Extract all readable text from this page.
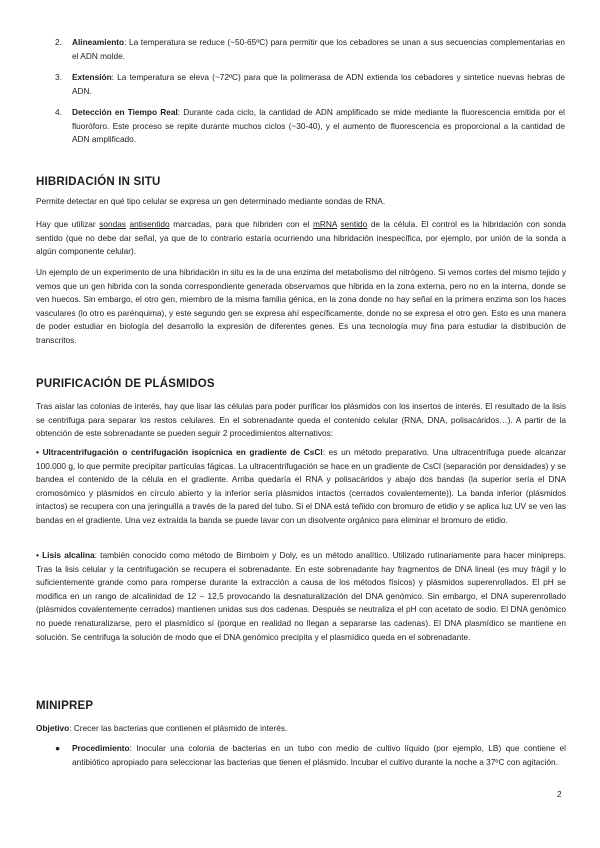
2.	Alineamiento: La temperatura se reduce (~50-65ºC) para permitir que los cebadores se unan a sus secuencias complementarias en el ADN molde.

3.	Extensión: La temperatura se eleva (~72ºC) para que la polimerasa de ADN extienda los cebadores y sintetice nuevas hebras de ADN.

4.	Detección en Tiempo Real: Durante cada ciclo, la cantidad de ADN amplificado se mide mediante la fluorescencia emitida por el fluoróforo. Este proceso se repite durante muchos ciclos (~30-40), y el aumento de fluorescencia es proporcional a la cantidad de ADN amplificado.

HIBRIDACIÓN IN SITU

Permite detectar en qué tipo celular se expresa un gen determinado mediante sondas de RNA.

Hay que utilizar sondas antisentido marcadas, para que hibriden con el mRNA sentido de la célula. El control es la hibridación con sonda sentido (que no debe dar señal, ya que de lo contrario estaría ocurriendo una hibridación inespecífica, por ejemplo, por unión de la sonda a algún componente celular).

Un ejemplo de un experimento de una hibridación in situ es la de una enzima del metabolismo del nitrógeno. Si vemos cortes del mismo tejido y vemos que un gen hibrida con la sonda correspondiente generada observamos que hibrida en la zona externa, pero no en la interna, donde se ven huecos. Sin embargo, el otro gen, miembro de la misma familia génica, en la zona donde no hay señal en la primera enzima son los haces vasculares (lo otro es parénquima), y este segundo gen se expresa ahí específicamente, donde no se expresa el otro gen. Esto es una manera de poder estudiar en biología del desarrollo la expresión de diferentes genes. Es una tecnología muy fina para estudiar la distribución de transcritos.

PURIFICACIÓN DE PLÁSMIDOS

Tras aislar las colonias de interés, hay que lisar las células para poder purificar los plásmidos con los insertos de interés. El resultado de la lisis se centrifuga para separar los restos celulares. En el sobrenadante queda el contenido celular (RNA, DNA, polisacáridos…). A partir de la obtención de este sobrenadante se pueden seguir 2 procedimientos alternativos:

• Ultracentrifugación o centrifugación isopícnica en gradiente de CsCl: es un método preparativo. Una ultracentrifuga puede alcanzar 100.000 g, lo que permite precipitar partículas fágicas. La ultracentrifugación se hace en un gradiente de CsCl (separación por densidades) y se bandea el contenido de la célula en el gradiente. Arriba quedaría el RNA y polisacáridos y abajo dos bandas (la superior sería el DNA cromosómico y plásmidos en círculo abierto y la inferior sería plásmidos intactos (cerrados covalentemente)). La banda inferior (plásmidos intactos) se recupera con una jeringuilla a través de la pared del tubo. Si el DNA está teñido con bromuro de etidio y se aplica luz UV se ven las bandas en el gradiente. Una vez extraída la banda se puede lavar con un disolvente orgánico para eliminar el bromuro de etidio.

• Lisis alcalina: también conocido como método de Birnboim y Doly, es un método analítico. Utilizado rutinariamente para hacer minipreps. Tras la lisis celular y la centrifugación se recupera el sobrenadante. En este sobrenadante hay fragmentos de DNA lineal (es muy frágil y lo suficientemente grande como para romperse durante la extracción a causa de los métodos físicos) y plásmidos superenrollados. El pH se modifica en un rango de alcalinidad de 12 – 12,5 provocando la desnaturalización del DNA genómico. Sin embargo, el DNA superenrollado (plásmidos covalentemente cerrados) mantienen unidas sus dos cadenas. Después se neutraliza el pH con acetato de sodio. El DNA genómico no puede renaturalizarse, pero el plasmídico sí (porque en realidad no llegan a separarse las cadenas). El DNA plasmídico se mantiene en solución. Se centrifuga la solución de modo que el DNA genómico precipita y el plasmídico queda en el sobrenadante.

MINIPREP

Objetivo: Crecer las bacterias que contienen el plásmido de interés.

●	Procedimiento: Inocular una colonia de bacterias en un tubo con medio de cultivo líquido (por ejemplo, LB) que contiene el antibiótico apropiado para seleccionar las bacterias que tienen el plásmido. Incubar el cultivo durante la noche a 37ºC con agitación.

2
